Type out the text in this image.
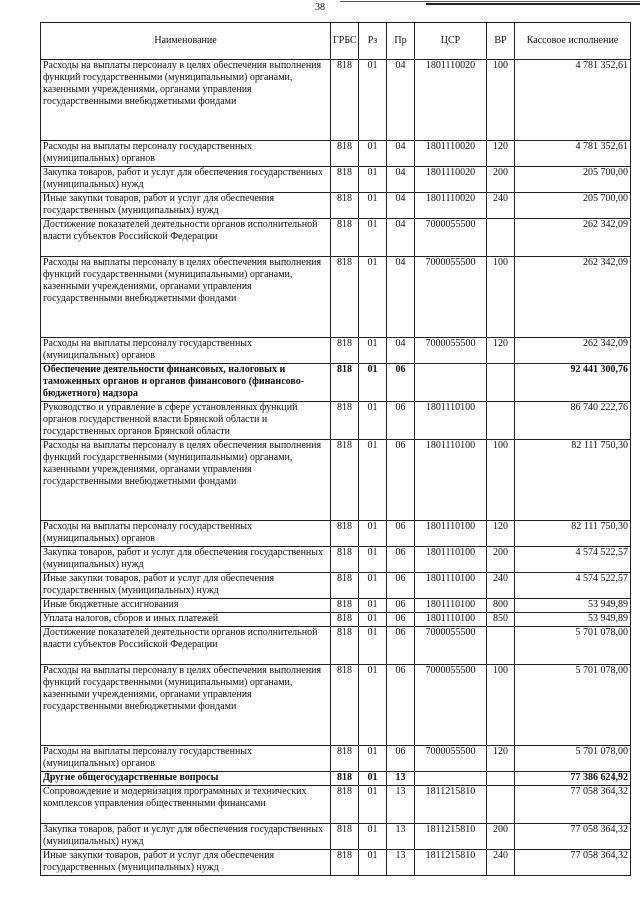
38
Наименование	ГРБС	Рз	Пр	ЦСР	ВР	Кассовое исполнение
Расходы на выплаты персоналу в целях обеспечения выполнения функций государственными (муниципальными) органами, казенными учреждениями, органами управления государственными внебюджетными фондами	818	01	04	1801110020	100	4 781 352,61
Расходы на выплаты персоналу государственных (муниципальных) органов	818	01	04	1801110020	120	4 781 352,61
Закупка товаров, работ и услуг для обеспечения государственных (муниципальных) нужд	818	01	04	1801110020	200	205 700,00
Иные закупки товаров, работ и услуг для обеспечения государственных (муниципальных) нужд	818	01	04	1801110020	240	205 700,00
Достижение показателей деятельности органов исполнительной власти субъектов Российской Федерации	818	01	04	7000055500		262 342,09
Расходы на выплаты персоналу в целях обеспечения выполнения функций государственными (муниципальными) органами, казенными учреждениями, органами управления государственными внебюджетными фондами	818	01	04	7000055500	100	262 342,09
Расходы на выплаты персоналу государственных (муниципальных) органов	818	01	04	7000055500	120	262 342,09
Обеспечение деятельности финансовых, налоговых и таможенных органов и органов финансового (финансово-бюджетного) надзора	818	01	06			92 441 300,76
Руководство и управление в сфере установленных функций органов государственной власти Брянской области и государственных органов Брянской области	818	01	06	1801110100		86 740 222,76
Расходы на выплаты персоналу в целях обеспечения выполнения функций государственными (муниципальными) органами, казенными учреждениями, органами управления государственными внебюджетными фондами	818	01	06	1801110100	100	82 111 750,30
Расходы на выплаты персоналу государственных (муниципальных) органов	818	01	06	1801110100	120	82 111 750,30
Закупка товаров, работ и услуг для обеспечения государственных (муниципальных) нужд	818	01	06	1801110100	200	4 574 522,57
Иные закупки товаров, работ и услуг для обеспечения государственных (муниципальных) нужд	818	01	06	1801110100	240	4 574 522,57
Иные бюджетные ассигнования	818	01	06	1801110100	800	53 949,89
Уплата налогов, сборов и иных платежей	818	01	06	1801110100	850	53 949,89
Достижение показателей деятельности органов исполнительной власти субъектов Российской Федерации	818	01	06	7000055500		5 701 078,00
Расходы на выплаты персоналу в целях обеспечения выполнения функций государственными (муниципальными) органами, казенными учреждениями, органами управления государственными внебюджетными фондами	818	01	06	7000055500	100	5 701 078,00
Расходы на выплаты персоналу государственных (муниципальных) органов	818	01	06	7000055500	120	5 701 078,00
Другие общегосударственные вопросы	818	01	13			77 386 624,92
Сопровождение и модернизация программных и технических комплексов управления общественными финансами	818	01	13	1811215810		77 058 364,32
Закупка товаров, работ и услуг для обеспечения государственных (муниципальных) нужд	818	01	13	1811215810	200	77 058 364,32
Иные закупки товаров, работ и услуг для обеспечения государственных (муниципальных) нужд	818	01	13	1811215810	240	77 058 364,32
